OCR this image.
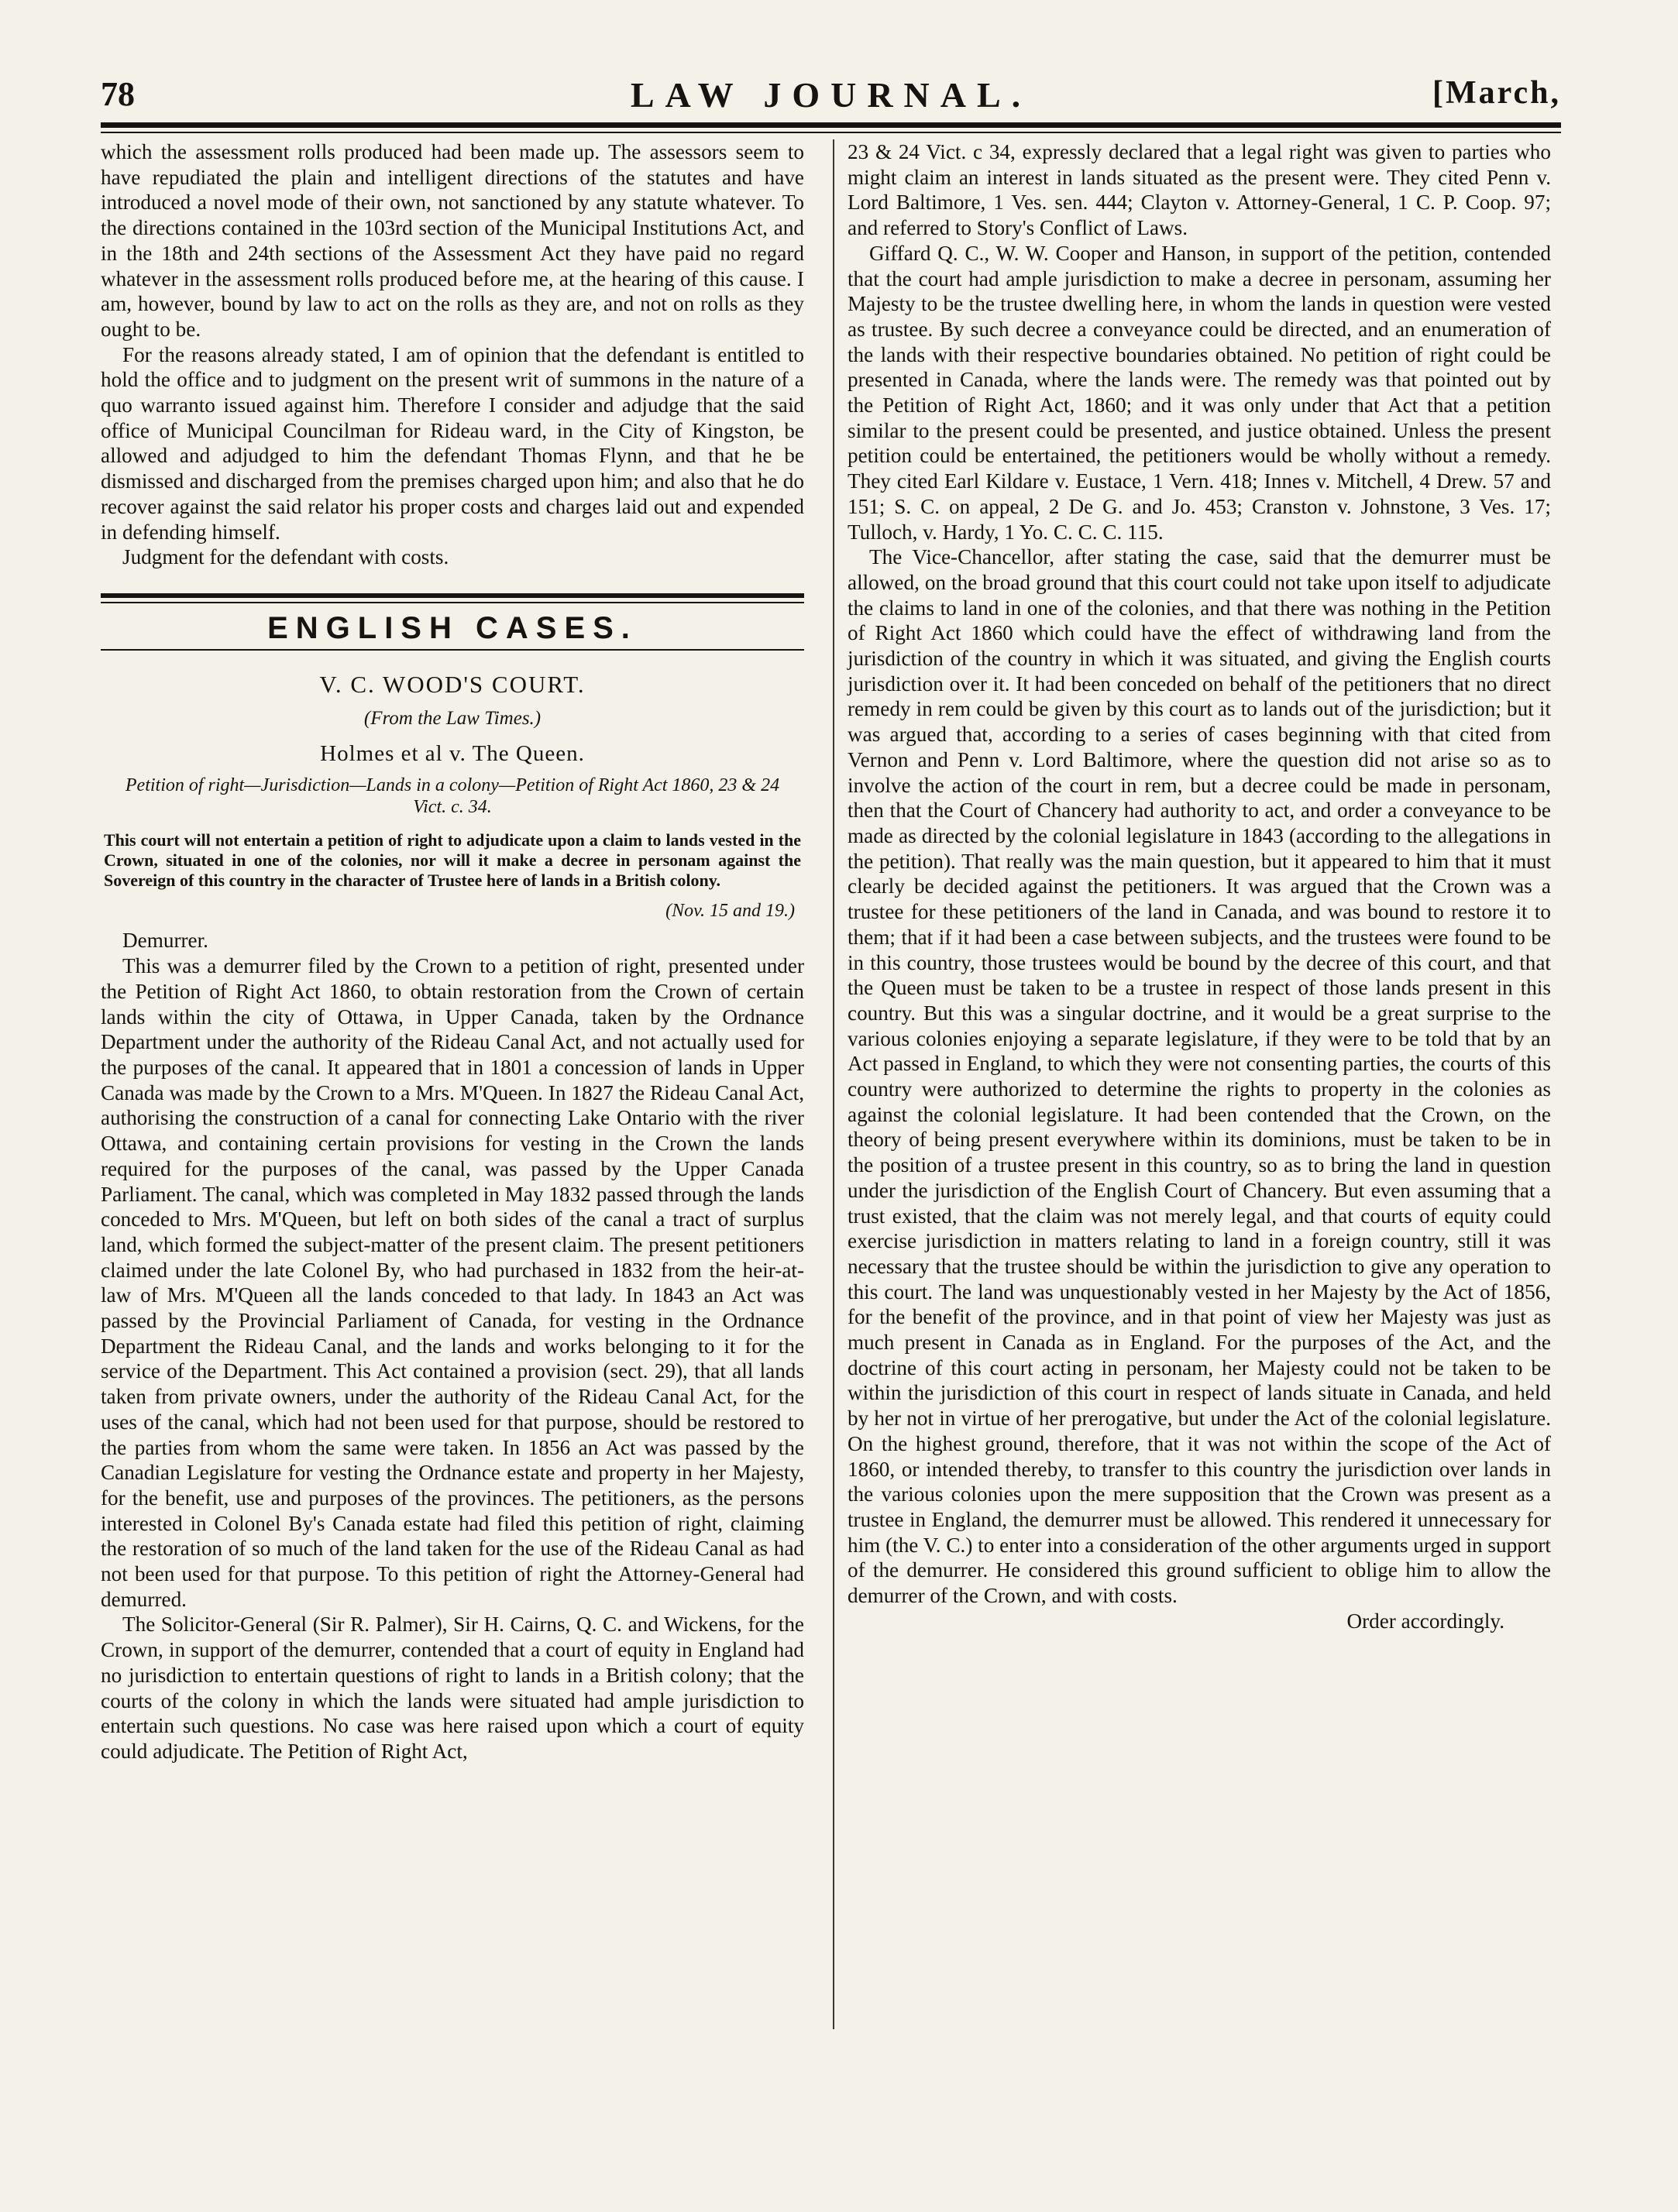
78	LAW JOURNAL.	[March,

which the assessment rolls produced had been made up. The assessors seem to have repudiated the plain and intelligent directions of the statutes and have introduced a novel mode of their own, not sanctioned by any statute whatever. To the directions contained in the 103rd section of the Municipal Institutions Act, and in the 18th and 24th sections of the Assessment Act they have paid no regard whatever in the assessment rolls produced before me, at the hearing of this cause. I am, however, bound by law to act on the rolls as they are, and not on rolls as they ought to be.

For the reasons already stated, I am of opinion that the defendant is entitled to hold the office and to judgment on the present writ of summons in the nature of a quo warranto issued against him. Therefore I consider and adjudge that the said office of Municipal Councilman for Rideau ward, in the City of Kingston, be allowed and adjudged to him the defendant Thomas Flynn, and that he be dismissed and discharged from the premises charged upon him; and also that he do recover against the said relator his proper costs and charges laid out and expended in defending himself.

Judgment for the defendant with costs.

ENGLISH CASES.
V. C. WOOD'S COURT.
(From the Law Times.)
Holmes et al v. The Queen.
Petition of right—Jurisdiction—Lands in a colony—Petition of Right Act 1860, 23 & 24 Vict. c. 34.
This court will not entertain a petition of right to adjudicate upon a claim to lands vested in the Crown, situated in one of the colonies, nor will it make a decree in personam against the Sovereign of this country in the character of Trustee here of lands in a British colony.
(Nov. 15 and 19.)

Demurrer.

This was a demurrer filed by the Crown to a petition of right, presented under the Petition of Right Act 1860, to obtain restoration from the Crown of certain lands within the city of Ottawa, in Upper Canada, taken by the Ordnance Department under the authority of the Rideau Canal Act, and not actually used for the purposes of the canal. It appeared that in 1801 a concession of lands in Upper Canada was made by the Crown to a Mrs. M'Queen. In 1827 the Rideau Canal Act, authorising the construction of a canal for connecting Lake Ontario with the river Ottawa, and containing certain provisions for vesting in the Crown the lands required for the purposes of the canal, was passed by the Upper Canada Parliament. The canal, which was completed in May 1832 passed through the lands conceded to Mrs. M'Queen, but left on both sides of the canal a tract of surplus land, which formed the subject-matter of the present claim. The present petitioners claimed under the late Colonel By, who had purchased in 1832 from the heir-at-law of Mrs. M'Queen all the lands conceded to that lady. In 1843 an Act was passed by the Provincial Parliament of Canada, for vesting in the Ordnance Department the Rideau Canal, and the lands and works belonging to it for the service of the Department. This Act contained a provision (sect. 29), that all lands taken from private owners, under the authority of the Rideau Canal Act, for the uses of the canal, which had not been used for that purpose, should be restored to the parties from whom the same were taken. In 1856 an Act was passed by the Canadian Legislature for vesting the Ordnance estate and property in her Majesty, for the benefit, use and purposes of the provinces. The petitioners, as the persons interested in Colonel By's Canada estate had filed this petition of right, claiming the restoration of so much of the land taken for the use of the Rideau Canal as had not been used for that purpose. To this petition of right the Attorney-General had demurred.

The Solicitor-General (Sir R. Palmer), Sir H. Cairns, Q. C. and Wickens, for the Crown, in support of the demurrer, contended that a court of equity in England had no jurisdiction to entertain questions of right to lands in a British colony; that the courts of the colony in which the lands were situated had ample jurisdiction to entertain such questions. No case was here raised upon which a court of equity could adjudicate. The Petition of Right Act,

23 & 24 Vict. c 34, expressly declared that a legal right was given to parties who might claim an interest in lands situated as the present were. They cited Penn v. Lord Baltimore, 1 Ves. sen. 444; Clayton v. Attorney-General, 1 C. P. Coop. 97; and referred to Story's Conflict of Laws.

Giffard Q. C., W. W. Cooper and Hanson, in support of the petition, contended that the court had ample jurisdiction to make a decree in personam, assuming her Majesty to be the trustee dwelling here, in whom the lands in question were vested as trustee. By such decree a conveyance could be directed, and an enumeration of the lands with their respective boundaries obtained. No petition of right could be presented in Canada, where the lands were. The remedy was that pointed out by the Petition of Right Act, 1860; and it was only under that Act that a petition similar to the present could be presented, and justice obtained. Unless the present petition could be entertained, the petitioners would be wholly without a remedy. They cited Earl Kildare v. Eustace, 1 Vern. 418; Innes v. Mitchell, 4 Drew. 57 and 151; S. C. on appeal, 2 De G. and Jo. 453; Cranston v. Johnstone, 3 Ves. 17; Tulloch, v. Hardy, 1 Yo. C. C. C. 115.

The Vice-Chancellor, after stating the case, said that the demurrer must be allowed, on the broad ground that this court could not take upon itself to adjudicate the claims to land in one of the colonies, and that there was nothing in the Petition of Right Act 1860 which could have the effect of withdrawing land from the jurisdiction of the country in which it was situated, and giving the English courts jurisdiction over it. It had been conceded on behalf of the petitioners that no direct remedy in rem could be given by this court as to lands out of the jurisdiction; but it was argued that, according to a series of cases beginning with that cited from Vernon and Penn v. Lord Baltimore, where the question did not arise so as to involve the action of the court in rem, but a decree could be made in personam, then that the Court of Chancery had authority to act, and order a conveyance to be made as directed by the colonial legislature in 1843 (according to the allegations in the petition). That really was the main question, but it appeared to him that it must clearly be decided against the petitioners. It was argued that the Crown was a trustee for these petitioners of the land in Canada, and was bound to restore it to them; that if it had been a case between subjects, and the trustees were found to be in this country, those trustees would be bound by the decree of this court, and that the Queen must be taken to be a trustee in respect of those lands present in this country. But this was a singular doctrine, and it would be a great surprise to the various colonies enjoying a separate legislature, if they were to be told that by an Act passed in England, to which they were not consenting parties, the courts of this country were authorized to determine the rights to property in the colonies as against the colonial legislature. It had been contended that the Crown, on the theory of being present everywhere within its dominions, must be taken to be in the position of a trustee present in this country, so as to bring the land in question under the jurisdiction of the English Court of Chancery. But even assuming that a trust existed, that the claim was not merely legal, and that courts of equity could exercise jurisdiction in matters relating to land in a foreign country, still it was necessary that the trustee should be within the jurisdiction to give any operation to this court. The land was unquestionably vested in her Majesty by the Act of 1856, for the benefit of the province, and in that point of view her Majesty was just as much present in Canada as in England. For the purposes of the Act, and the doctrine of this court acting in personam, her Majesty could not be taken to be within the jurisdiction of this court in respect of lands situate in Canada, and held by her not in virtue of her prerogative, but under the Act of the colonial legislature. On the highest ground, therefore, that it was not within the scope of the Act of 1860, or intended thereby, to transfer to this country the jurisdiction over lands in the various colonies upon the mere supposition that the Crown was present as a trustee in England, the demurrer must be allowed. This rendered it unnecessary for him (the V. C.) to enter into a consideration of the other arguments urged in support of the demurrer. He considered this ground sufficient to oblige him to allow the demurrer of the Crown, and with costs.

Order accordingly.
